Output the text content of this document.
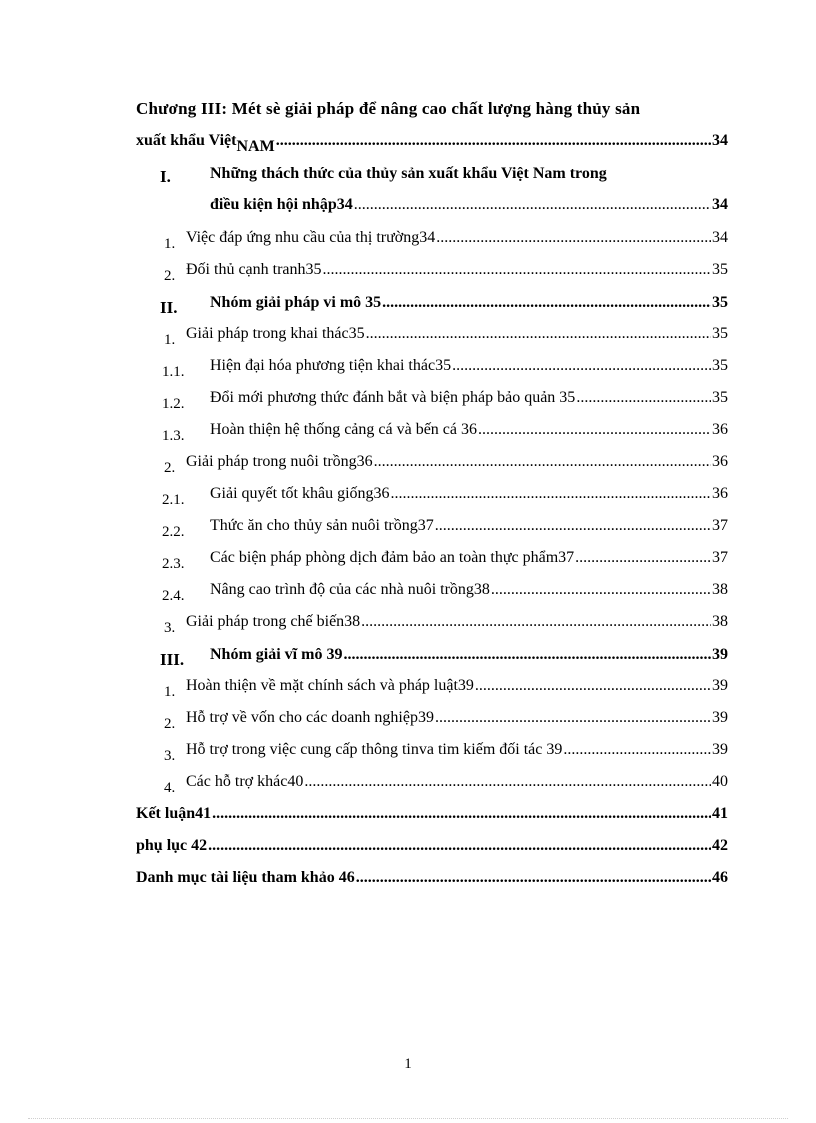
Chương III: Mét sè giải pháp để nâng cao chất lượng hàng thủy sản
xuất khẩu Việt NAM .....	34
I.	Những thách thức của thủy sản xuất khẩu Việt Nam trong
điều kiện hội nhập34 .....	34
1. Việc đáp ứng nhu cầu của thị trường34 .....	34
2. Đối thủ cạnh tranh35 .....	35
II.	Nhóm giải pháp vi mô 35 .....	35
1. Giải pháp trong khai thác35 .....	35
1.1.	Hiện đại hóa phương tiện khai thác35 .....	35
1.2.	Đổi mới phương thức đánh bắt và biện pháp bảo quản 35 .....	35
1.3.	Hoàn thiện hệ thống cảng cá và bến cá 36 .....	36
2. Giải pháp trong nuôi trồng36 .....	36
2.1.	Giải quyết tốt khâu giống36 .....	36
2.2.	Thức ăn cho thủy sản nuôi trồng37 .....	37
2.3.	Các biện pháp phòng dịch đảm bảo an toàn thực phẩm37 .....	37
2.4.	Nâng cao trình độ của các nhà nuôi trồng38 .....	38
3. Giải pháp trong chế biến38 .....	38
III.	Nhóm giải vĩ mô 39 .....	39
1. Hoàn thiện về mặt chính sách và pháp luật39 .....	39
2. Hỗ trợ về vốn cho các doanh nghiệp39 .....	39
3. Hỗ trợ trong việc cung cấp thông tinva tim kiếm đối tác 39 .....	39
4. Các hỗ trợ khác40 .....	40
Kết luận41 .....	41
phụ lục 42 .....	42
Danh mục tài liệu tham khảo 46 .....	46
1
